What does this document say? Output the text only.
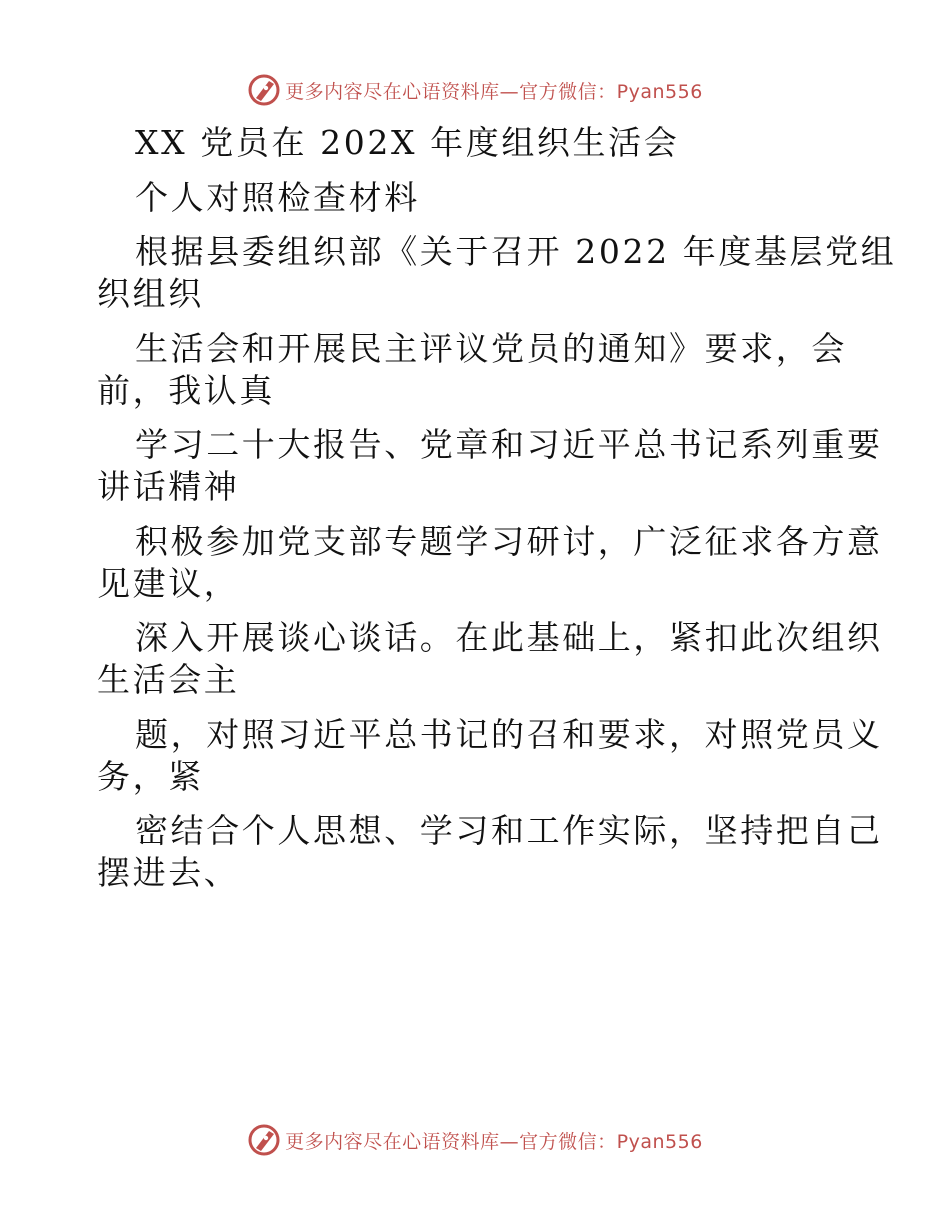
更多内容尽在心语资料库—官方微信：Pyan556
XX 党员在 202X 年度组织生活会
个人对照检查材料
根据县委组织部《关于召开 2022 年度基层党组
织组织
生活会和开展民主评议党员的通知》要求，会
前，我认真
学习二十大报告、党章和习近平总书记系列重要
讲话精神
积极参加党支部专题学习研讨，广泛征求各方意
见建议，
深入开展谈心谈话。在此基础上，紧扣此次组织
生活会主
题，对照习近平总书记的召和要求，对照党员义
务，紧
密结合个人思想、学习和工作实际，坚持把自己
摆进去、
更多内容尽在心语资料库—官方微信：Pyan556
